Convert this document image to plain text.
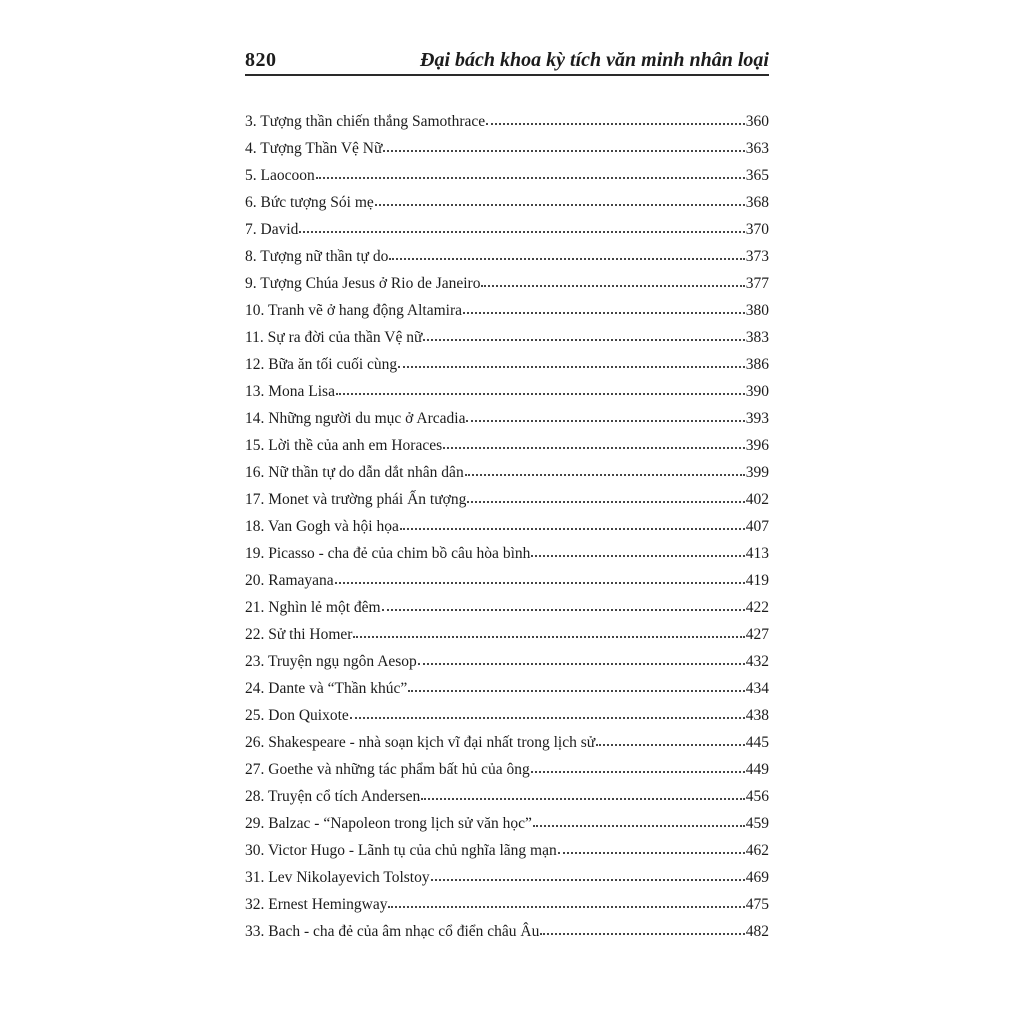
820	Đại bách khoa kỳ tích văn minh nhân loại
3. Tượng thần chiến thắng Samothrace	360
4. Tượng Thần Vệ Nữ	363
5. Laocoon	365
6. Bức tượng Sói mẹ	368
7. David	370
8. Tượng nữ thần tự do	373
9. Tượng Chúa Jesus ở Rio de Janeiro	377
10. Tranh vẽ ở hang động Altamira	380
11. Sự ra đời của thần Vệ nữ	383
12. Bữa ăn tối cuối cùng	386
13. Mona Lisa	390
14. Những người du mục ở Arcadia	393
15. Lời thề của anh em Horaces	396
16. Nữ thần tự do dẫn dắt nhân dân	399
17. Monet và trường phái Ấn tượng	402
18. Van Gogh và hội họa	407
19. Picasso - cha đẻ của chim bồ câu hòa bình	413
20. Ramayana	419
21. Nghìn lẻ một đêm	422
22. Sử thi Homer	427
23. Truyện ngụ ngôn Aesop	432
24. Dante và “Thần khúc”	434
25. Don Quixote	438
26. Shakespeare - nhà soạn kịch vĩ đại nhất trong lịch sử	445
27. Goethe và những tác phẩm bất hủ của ông	449
28. Truyện cổ tích Andersen	456
29. Balzac - “Napoleon trong lịch sử văn học”	459
30. Victor Hugo - Lãnh tụ của chủ nghĩa lãng mạn	462
31. Lev Nikolayevich Tolstoy	469
32. Ernest Hemingway	475
33. Bach - cha đẻ của âm nhạc cổ điển châu Âu	482
